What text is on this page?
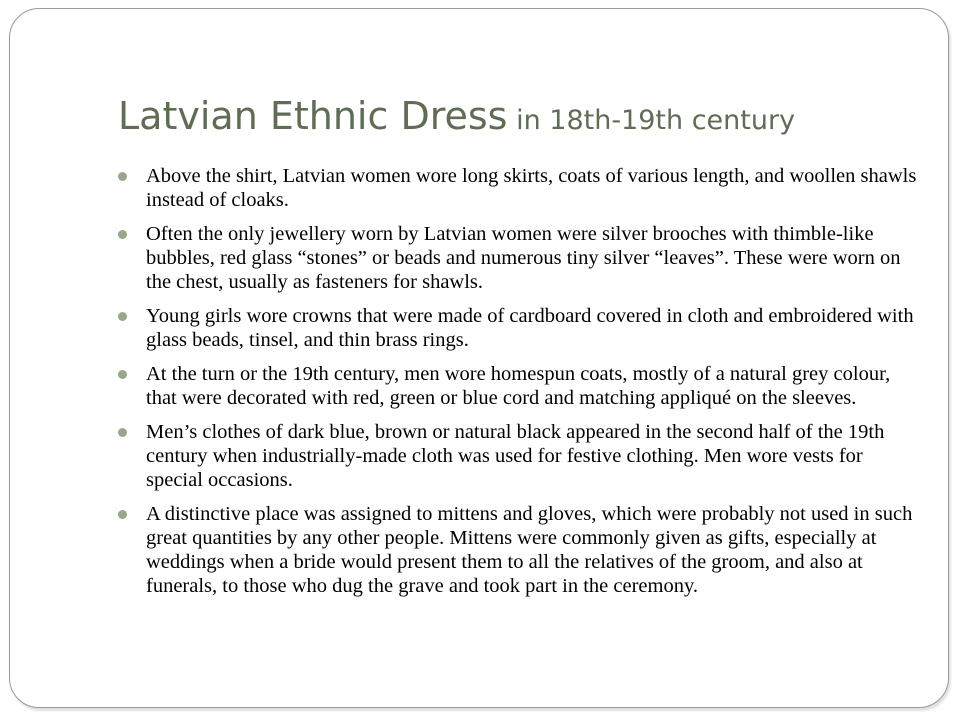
Latvian Ethnic Dress in 18th-19th century
Above the shirt, Latvian women wore long skirts, coats of various length, and woollen shawls instead of cloaks.
Often the only jewellery worn by Latvian women were silver brooches with thimble-like bubbles, red glass “stones” or beads and numerous tiny silver “leaves”. These were worn on the chest, usually as fasteners for shawls.
Young girls wore crowns that were made of cardboard covered in cloth and embroidered with glass beads, tinsel, and thin brass rings.
At the turn or the 19th century, men wore homespun coats, mostly of a natural grey colour, that were decorated with red, green or blue cord and matching appliqué on the sleeves.
Men’s clothes of dark blue, brown or natural black appeared in the second half of the 19th century when industrially-made cloth was used for festive clothing. Men wore vests for special occasions.
A distinctive place was assigned to mittens and gloves, which were probably not used in such great quantities by any other people. Mittens were commonly given as gifts, especially at weddings when a bride would present them to all the relatives of the groom, and also at funerals, to those who dug the grave and took part in the ceremony.
